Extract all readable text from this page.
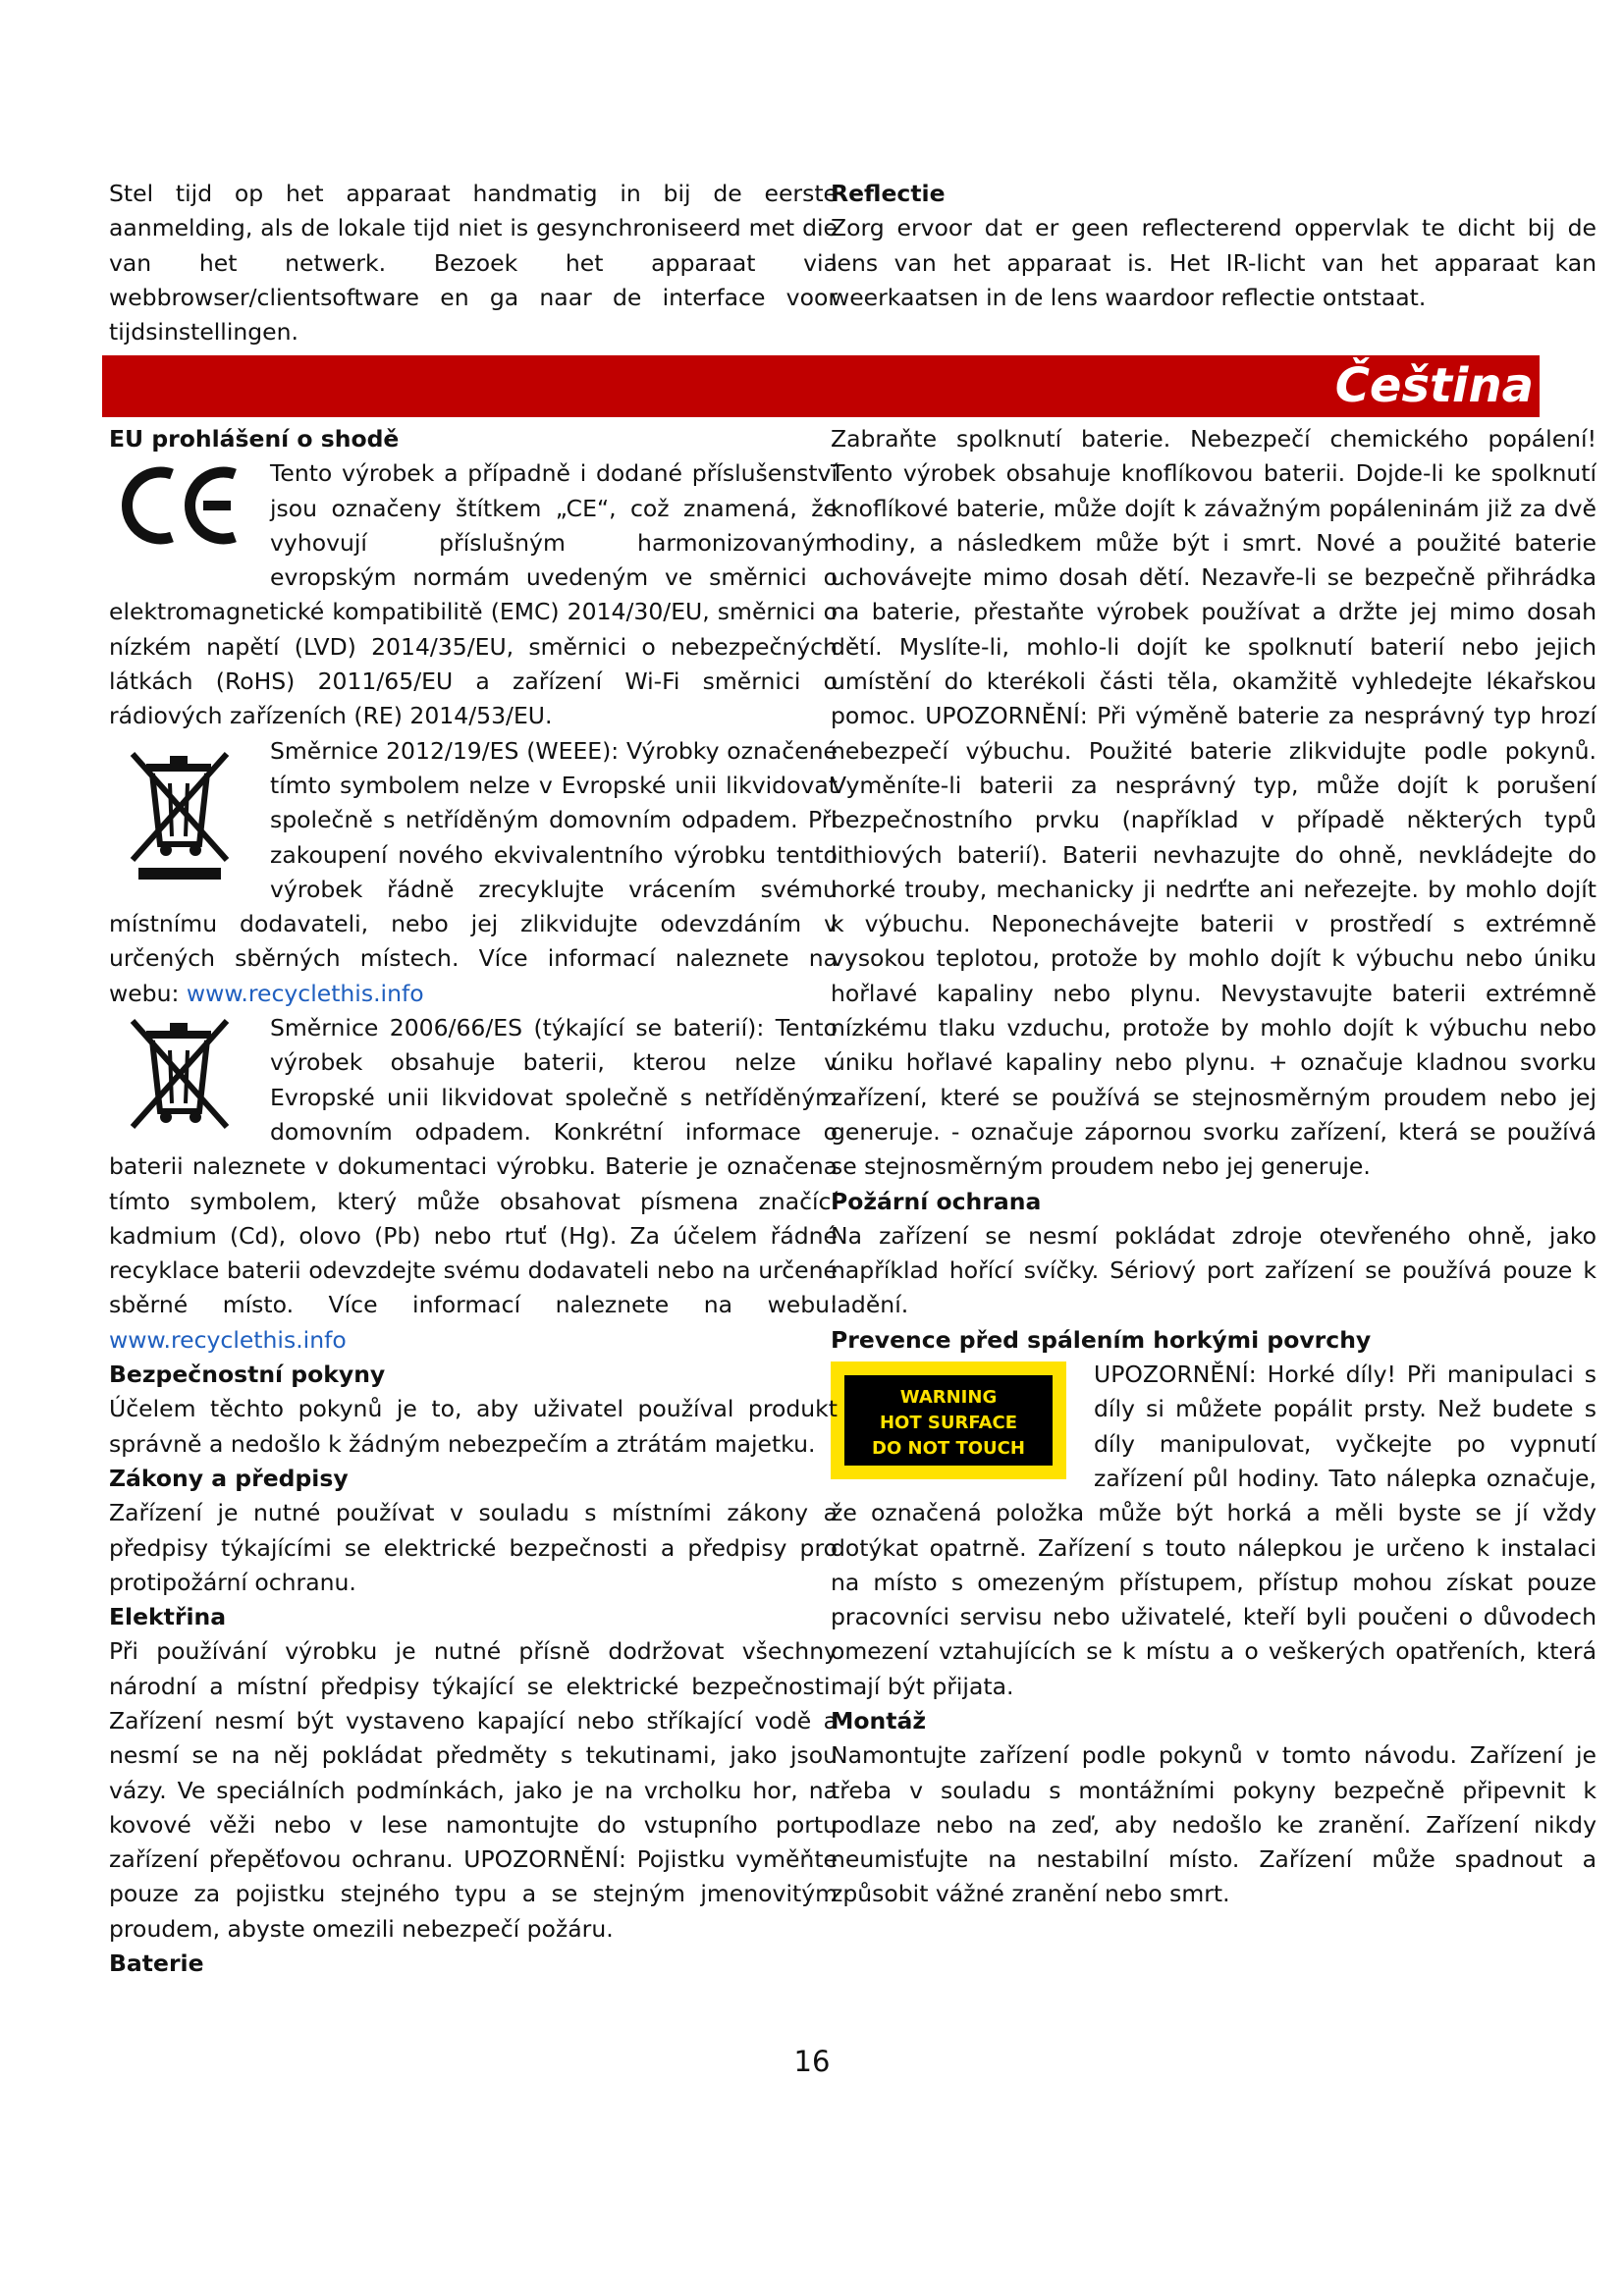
Stel tijd op het apparaat handmatig in bij de eerste aanmelding, als de lokale tijd niet is gesynchroniseerd met die van het netwerk. Bezoek het apparaat via webbrowser/clientsoftware en ga naar de interface voor tijdsinstellingen.

Reflectie

Zorg ervoor dat er geen reflecterend oppervlak te dicht bij de lens van het apparaat is. Het IR-licht van het apparaat kan weerkaatsen in de lens waardoor reflectie ontstaat.

Zabraňte spolknutí baterie. Nebezpečí chemického popálení! Tento výrobek obsahuje knoflíkovou baterii. Dojde-li ke spolknutí knoflíkové baterie, může dojít k závažným popáleninám již za dvě hodiny, a následkem může být i smrt. Nové a použité baterie uchovávejte mimo dosah dětí. Nezavře-li se bezpečně přihrádka na baterie, přestaňte výrobek používat a držte jej mimo dosah dětí. Myslíte-li, mohlo-li dojít ke spolknutí baterií nebo jejich umístění do kterékoli části těla, okamžitě vyhledejte lékařskou pomoc. UPOZORNĚNÍ: Při výměně baterie za nesprávný typ hrozí nebezpečí výbuchu. Použité baterie zlikvidujte podle pokynů. Vyměníte-li baterii za nesprávný typ, může dojít k porušení bezpečnostního prvku (například v případě některých typů lithiových baterií). Baterii nevhazujte do ohně, nevkládejte do horké trouby, mechanicky ji nedrťte ani neřezejte. by mohlo dojít k výbuchu. Neponechávejte baterii v prostředí s extrémně vysokou teplotou, protože by mohlo dojít k výbuchu nebo úniku hořlavé kapaliny nebo plynu. Nevystavujte baterii extrémně nízkému tlaku vzduchu, protože by mohlo dojít k výbuchu nebo úniku hořlavé kapaliny nebo plynu. + označuje kladnou svorku zařízení, které se používá se stejnosměrným proudem nebo jej generuje. - označuje zápornou svorku zařízení, která se používá se stejnosměrným proudem nebo jej generuje.

Požární ochrana

Na zařízení se nesmí pokládat zdroje otevřeného ohně, jako například hořící svíčky. Sériový port zařízení se používá pouze k ladění.

Prevence před spálením horkými povrchy

WARNING
HOT SURFACE
DO NOT TOUCH
UPOZORNĚNÍ: Horké díly! Při manipulaci s díly si můžete popálit prsty. Než budete s díly manipulovat, vyčkejte po vypnutí zařízení půl hodiny. Tato nálepka označuje, že označená položka může být horká a měli byste se jí vždy dotýkat opatrně. Zařízení s touto nálepkou je určeno k instalaci na místo s omezeným přístupem, přístup mohou získat pouze pracovníci servisu nebo uživatelé, kteří byli poučeni o důvodech omezení vztahujících se k místu a o veškerých opatřeních, která mají být přijata.

Montáž

Namontujte zařízení podle pokynů v tomto návodu. Zařízení je třeba v souladu s montážními pokyny bezpečně připevnit k podlaze nebo na zeď, aby nedošlo ke zranění. Zařízení nikdy neumisťujte na nestabilní místo. Zařízení může spadnout a způsobit vážné zranění nebo smrt.

Čeština

EU prohlášení o shodě

Tento výrobek a případně i dodané příslušenství jsou označeny štítkem „CE“, což znamená, že vyhovují příslušným harmonizovaným evropským normám uvedeným ve směrnici o elektromagnetické kompatibilitě (EMC) 2014/30/EU, směrnici o nízkém napětí (LVD) 2014/35/EU, směrnici o nebezpečných látkách (RoHS) 2011/65/EU a zařízení Wi-Fi směrnici o rádiových zařízeních (RE) 2014/53/EU.

Směrnice 2012/19/ES (WEEE): Výrobky označené tímto symbolem nelze v Evropské unii likvidovat společně s netříděným domovním odpadem. Při zakoupení nového ekvivalentního výrobku tento výrobek řádně zrecyklujte vrácením svému místnímu dodavateli, nebo jej zlikvidujte odevzdáním v určených sběrných místech. Více informací naleznete na webu: www.recyclethis.info

Směrnice 2006/66/ES (týkající se baterií): Tento výrobek obsahuje baterii, kterou nelze v Evropské unii likvidovat společně s netříděným domovním odpadem. Konkrétní informace o baterii naleznete v dokumentaci výrobku. Baterie je označena tímto symbolem, který může obsahovat písmena značící kadmium (Cd), olovo (Pb) nebo rtuť (Hg). Za účelem řádné recyklace baterii odevzdejte svému dodavateli nebo na určené sběrné místo. Více informací naleznete na webu: www.recyclethis.info

Bezpečnostní pokyny

Účelem těchto pokynů je to, aby uživatel používal produkt správně a nedošlo k žádným nebezpečím a ztrátám majetku.

Zákony a předpisy

Zařízení je nutné používat v souladu s místními zákony a předpisy týkajícími se elektrické bezpečnosti a předpisy pro protipožární ochranu.

Elektřina

Při používání výrobku je nutné přísně dodržovat všechny národní a místní předpisy týkající se elektrické bezpečnosti. Zařízení nesmí být vystaveno kapající nebo stříkající vodě a nesmí se na něj pokládat předměty s tekutinami, jako jsou vázy. Ve speciálních podmínkách, jako je na vrcholku hor, na kovové věži nebo v lese namontujte do vstupního portu zařízení přepěťovou ochranu. UPOZORNĚNÍ: Pojistku vyměňte pouze za pojistku stejného typu a se stejným jmenovitým proudem, abyste omezili nebezpečí požáru.

Baterie

16
